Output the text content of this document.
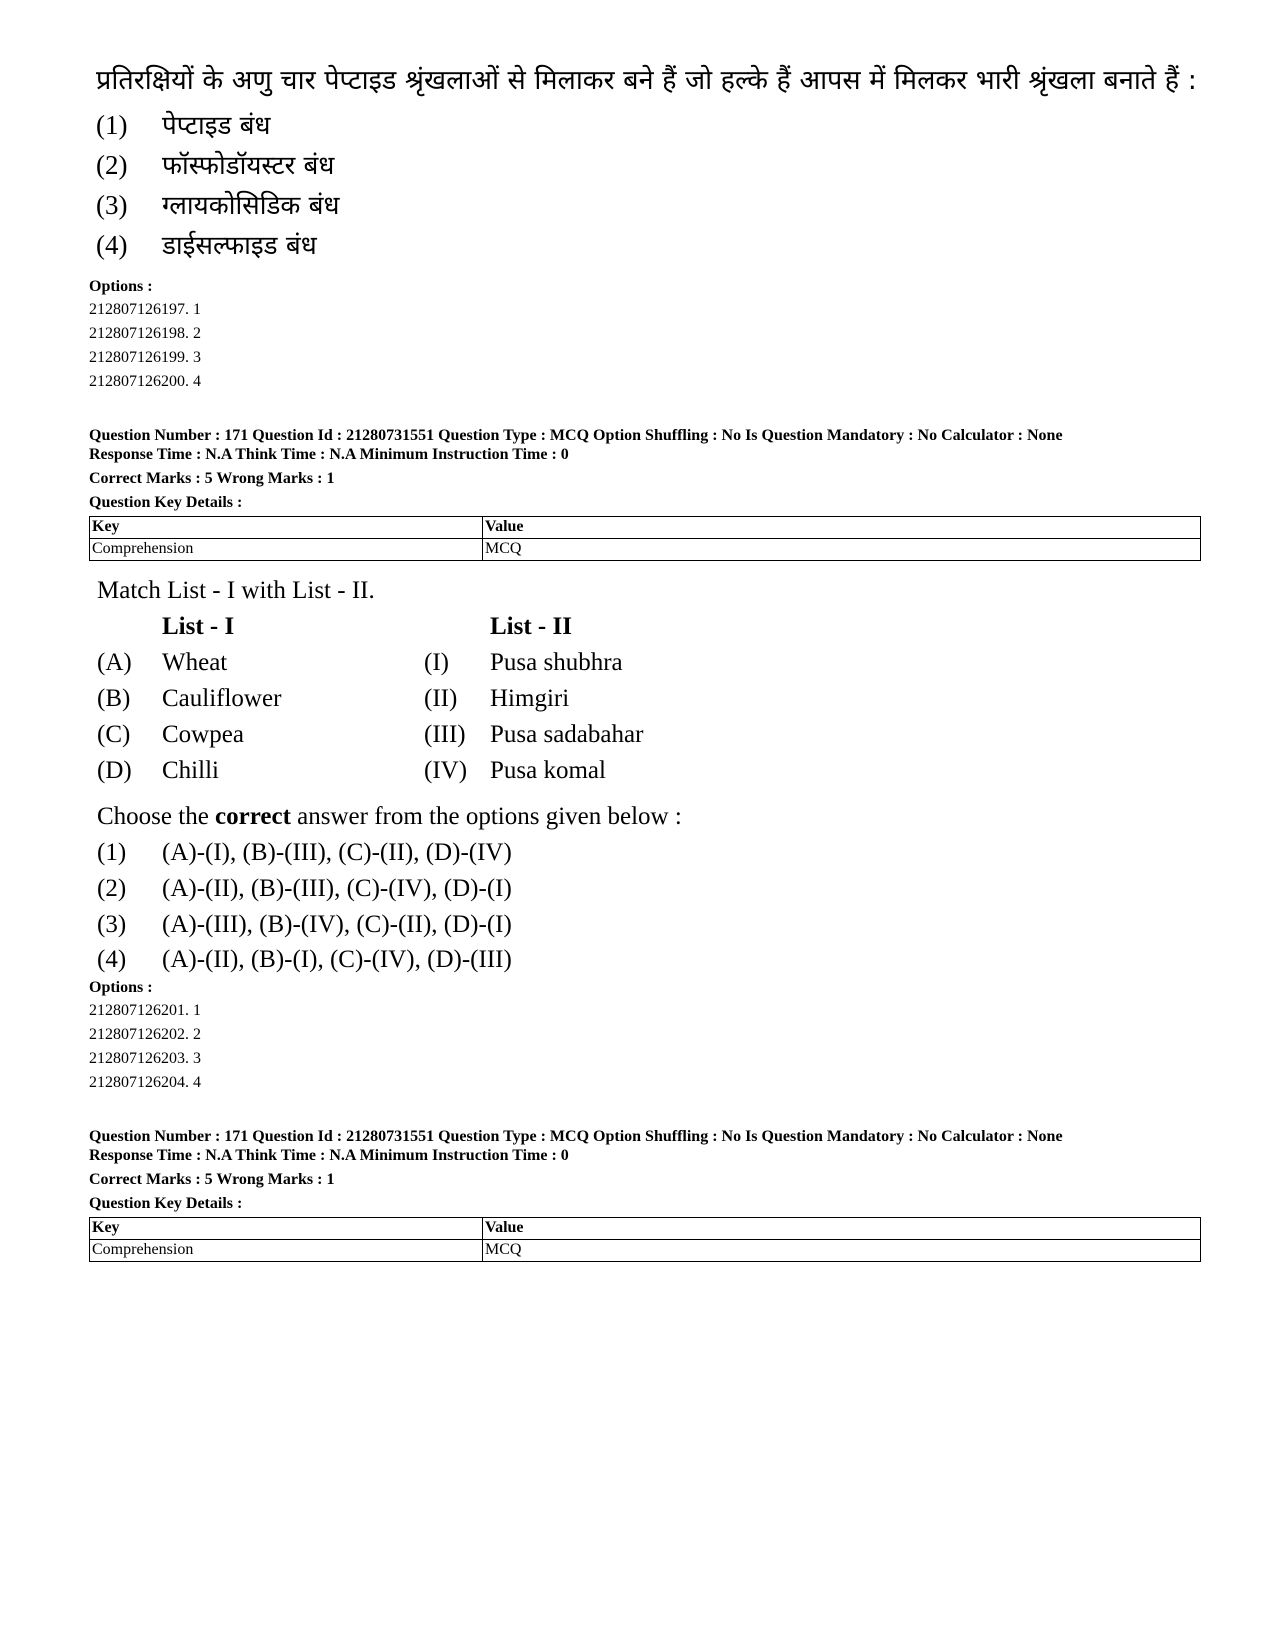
प्रतिरक्षियों के अणु चार पेप्टाइड श्रृंखलाओं से मिलाकर बने हैं जो हल्के हैं आपस में मिलकर भारी श्रृंखला बनाते हैं :
(1) पेप्टाइड बंध
(2) फॉस्फोडॉयस्टर बंध
(3) ग्लायकोसिडिक बंध
(4) डाईसल्फाइड बंध
Options :
212807126197. 1
212807126198. 2
212807126199. 3
212807126200. 4
Question Number : 171 Question Id : 21280731551 Question Type : MCQ Option Shuffling : No Is Question Mandatory : No Calculator : None
Response Time : N.A Think Time : N.A Minimum Instruction Time : 0
Correct Marks : 5 Wrong Marks : 1
Question Key Details :
Key	Value
Comprehension	MCQ
Match List - I with List - II.
List - I	List - II
(A) Wheat	(I) Pusa shubhra
(B) Cauliflower	(II) Himgiri
(C) Cowpea	(III) Pusa sadabahar
(D) Chilli	(IV) Pusa komal
Choose the correct answer from the options given below :
(1) (A)-(I), (B)-(III), (C)-(II), (D)-(IV)
(2) (A)-(II), (B)-(III), (C)-(IV), (D)-(I)
(3) (A)-(III), (B)-(IV), (C)-(II), (D)-(I)
(4) (A)-(II), (B)-(I), (C)-(IV), (D)-(III)
Options :
212807126201. 1
212807126202. 2
212807126203. 3
212807126204. 4
Question Number : 171 Question Id : 21280731551 Question Type : MCQ Option Shuffling : No Is Question Mandatory : No Calculator : None
Response Time : N.A Think Time : N.A Minimum Instruction Time : 0
Correct Marks : 5 Wrong Marks : 1
Question Key Details :
Key	Value
Comprehension	MCQ
